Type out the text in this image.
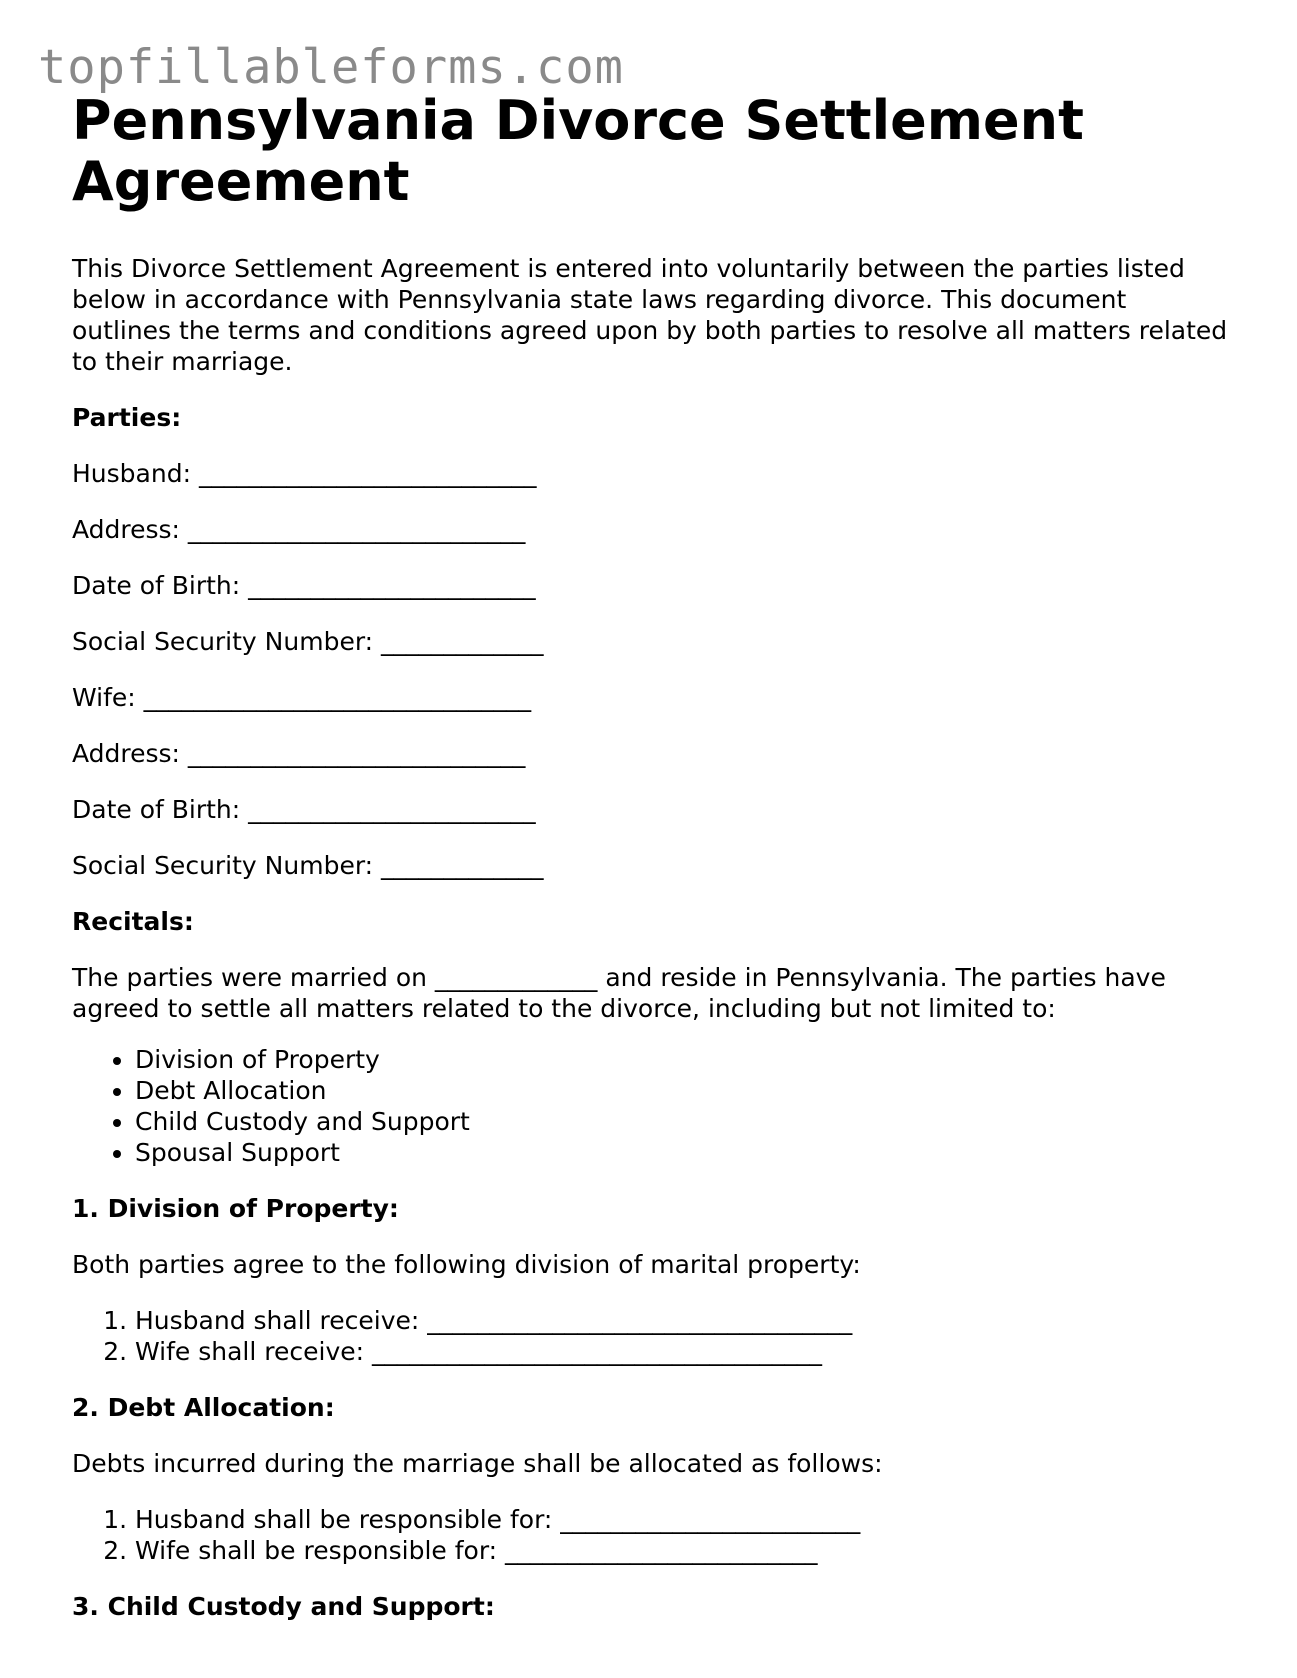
topfillableforms.com
Pennsylvania Divorce Settlement Agreement

This Divorce Settlement Agreement is entered into voluntarily between the parties listed below in accordance with Pennsylvania state laws regarding divorce. This document outlines the terms and conditions agreed upon by both parties to resolve all matters related to their marriage.

Parties:

Husband: ___________________________

Address: ___________________________

Date of Birth: _______________________

Social Security Number: _____________

Wife: _______________________________

Address: ___________________________

Date of Birth: _______________________

Social Security Number: _____________

Recitals:

The parties were married on _____________ and reside in Pennsylvania. The parties have agreed to settle all matters related to the divorce, including but not limited to:

• Division of Property
• Debt Allocation
• Child Custody and Support
• Spousal Support

1. Division of Property:

Both parties agree to the following division of marital property:

1. Husband shall receive: __________________________________
2. Wife shall receive: ____________________________________

2. Debt Allocation:

Debts incurred during the marriage shall be allocated as follows:

1. Husband shall be responsible for: ________________________
2. Wife shall be responsible for: _________________________

3. Child Custody and Support:
